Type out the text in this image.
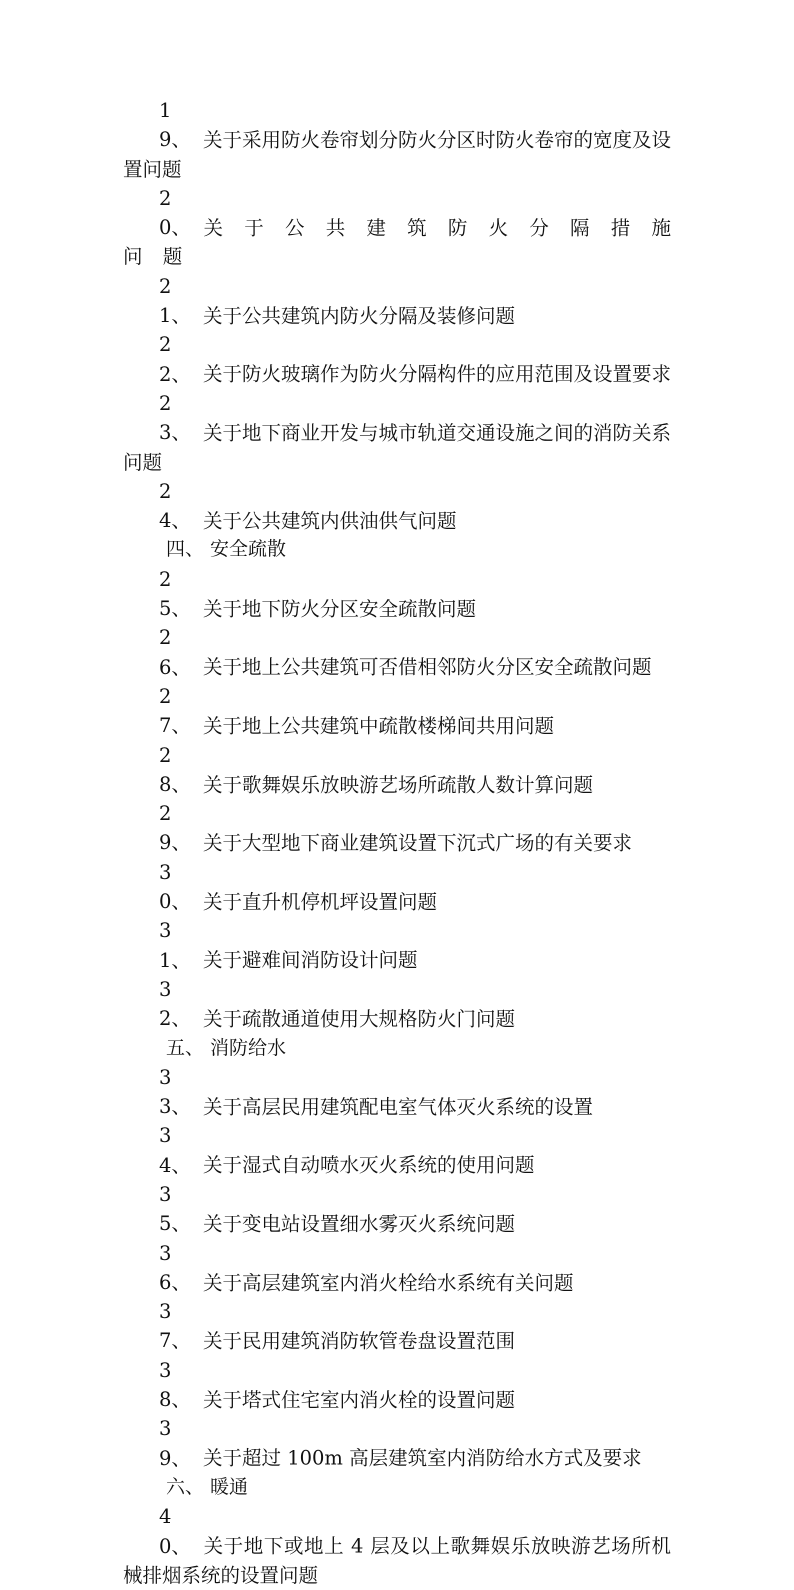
19、 关于采用防火卷帘划分防火分区时防火卷帘的宽度及设置问题

20、 关 于 公 共 建 筑 防 火 分 隔 措 施 问 题

21、 关于公共建筑内防火分隔及装修问题

22、 关于防火玻璃作为防火分隔构件的应用范围及设置要求

23、 关于地下商业开发与城市轨道交通设施之间的消防关系问题

24、 关于公共建筑内供油供气问题

四、 安全疏散

25、 关于地下防火分区安全疏散问题

26、 关于地上公共建筑可否借相邻防火分区安全疏散问题

27、 关于地上公共建筑中疏散楼梯间共用问题

28、 关于歌舞娱乐放映游艺场所疏散人数计算问题

29、 关于大型地下商业建筑设置下沉式广场的有关要求

30、 关于直升机停机坪设置问题

31、 关于避难间消防设计问题

32、 关于疏散通道使用大规格防火门问题

五、 消防给水

33、 关于高层民用建筑配电室气体灭火系统的设置

34、 关于湿式自动喷水灭火系统的使用问题

35、 关于变电站设置细水雾灭火系统问题

36、 关于高层建筑室内消火栓给水系统有关问题

37、 关于民用建筑消防软管卷盘设置范围

38、 关于塔式住宅室内消火栓的设置问题

39、 关于超过 100m 高层建筑室内消防给水方式及要求

六、 暖通

40、 关于地下或地上 4 层及以上歌舞娱乐放映游艺场所机械排烟系统的设置问题
